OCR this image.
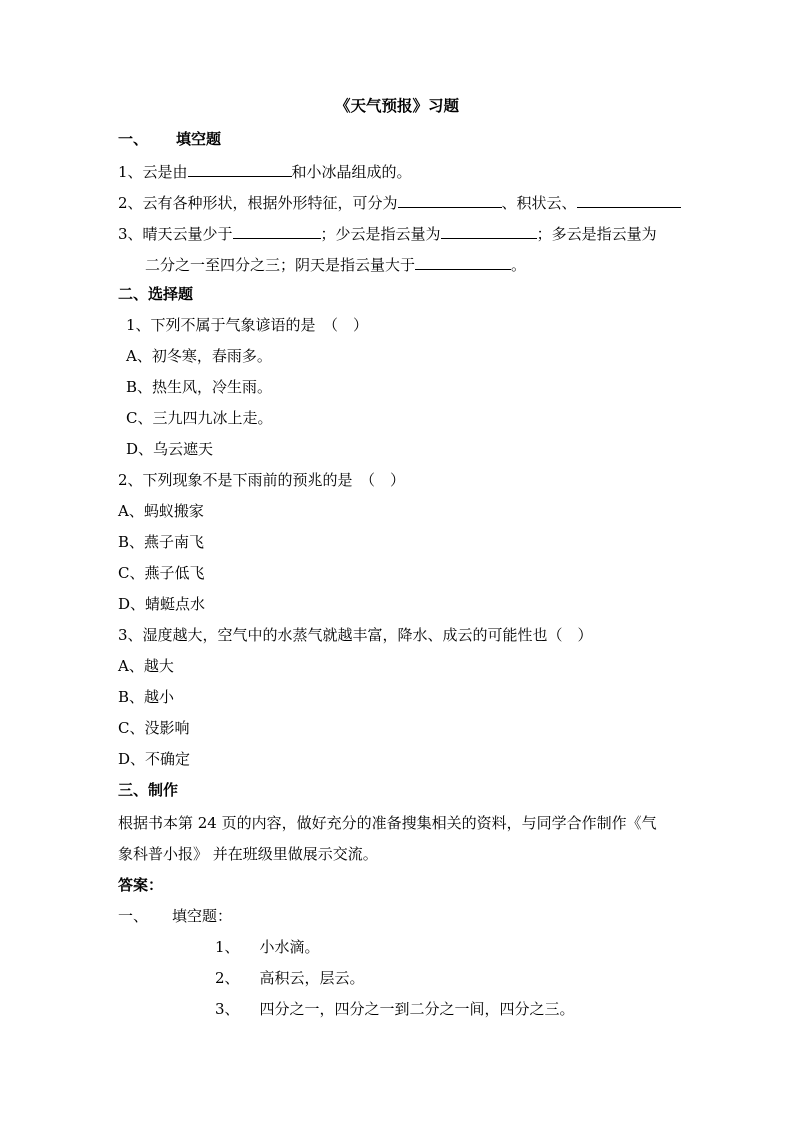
《天气预报》习题
一、 填空题
1、云是由	和小冰晶组成的。
2、云有各种形状，根据外形特征，可分为	、积状云、
3、晴天云量少于	；少云是指云量为	；多云是指云量为
二分之一至四分之三；阴天是指云量大于	。
二、选择题
1、下列不属于气象谚语的是　（　）
A、初冬寒，春雨多。
B、热生风，冷生雨。
C、三九四九冰上走。
D、乌云遮天
2、下列现象不是下雨前的预兆的是　（　）
A、蚂蚁搬家
B、燕子南飞
C、燕子低飞
D、蜻蜓点水
3、湿度越大，空气中的水蒸气就越丰富，降水、成云的可能性也（　）
A、越大
B、越小
C、没影响
D、不确定
三、制作
根据书本第 24 页的内容，做好充分的准备搜集相关的资料，与同学合作制作《气
象科普小报》 并在班级里做展示交流。
答案：
一、 填空题：
1、 小水滴。
2、 高积云，层云。
3、 四分之一，四分之一到二分之一间，四分之三。
